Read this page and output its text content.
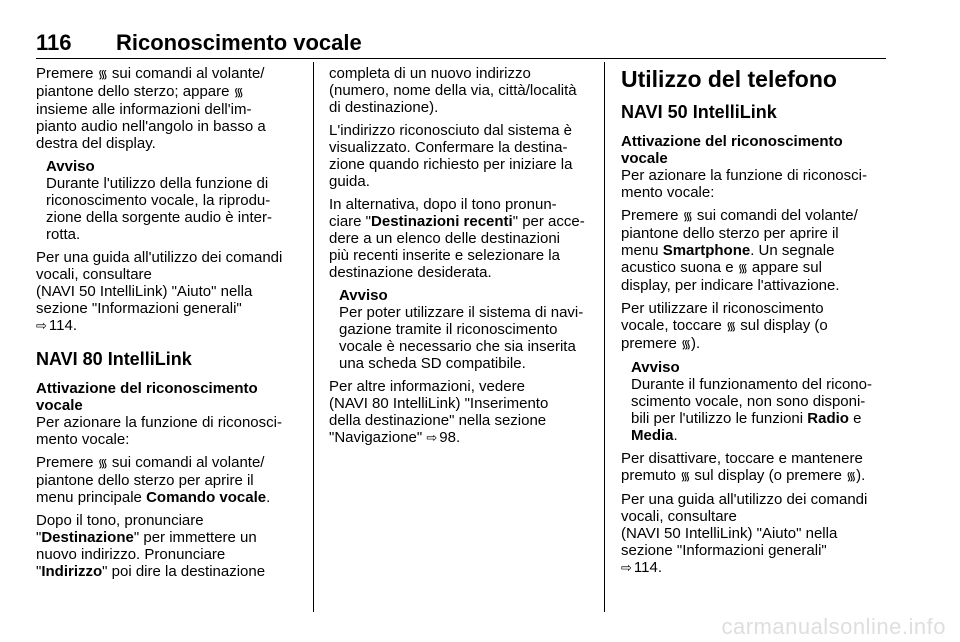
116 Riconoscimento vocale

Premere ᯾ sui comandi al volante/
piantone dello sterzo; appare ᯾
insieme alle informazioni dell'im-
pianto audio nell'angolo in basso a
destra del display.

Avviso
Durante l'utilizzo della funzione di
riconoscimento vocale, la riprodu-
zione della sorgente audio è inter-
rotta.

Per una guida all'utilizzo dei comandi
vocali, consultare
(NAVI 50 IntelliLink) "Aiuto" nella
sezione "Informazioni generali"
⇨ 114.

NAVI 80 IntelliLink

Attivazione del riconoscimento
vocale

Per azionare la funzione di riconosci-
mento vocale:

Premere ᯾ sui comandi al volante/
piantone dello sterzo per aprire il
menu principale Comando vocale.

Dopo il tono, pronunciare
"Destinazione" per immettere un
nuovo indirizzo. Pronunciare
"Indirizzo" poi dire la destinazione

completa di un nuovo indirizzo
(numero, nome della via, città/località
di destinazione).

L'indirizzo riconosciuto dal sistema è
visualizzato. Confermare la destina-
zione quando richiesto per iniziare la
guida.

In alternativa, dopo il tono pronun-
ciare "Destinazioni recenti" per acce-
dere a un elenco delle destinazioni
più recenti inserite e selezionare la
destinazione desiderata.

Avviso
Per poter utilizzare il sistema di navi-
gazione tramite il riconoscimento
vocale è necessario che sia inserita
una scheda SD compatibile.

Per altre informazioni, vedere
(NAVI 80 IntelliLink) "Inserimento
della destinazione" nella sezione
"Navigazione" ⇨ 98.

Utilizzo del telefono
NAVI 50 IntelliLink

Attivazione del riconoscimento
vocale

Per azionare la funzione di riconosci-
mento vocale:

Premere ᯾ sui comandi del volante/
piantone dello sterzo per aprire il
menu Smartphone. Un segnale
acustico suona e ᯾ appare sul
display, per indicare l'attivazione.

Per utilizzare il riconoscimento
vocale, toccare ᯾ sul display (o
premere ᯾).

Avviso
Durante il funzionamento del ricono-
scimento vocale, non sono disponi-
bili per l'utilizzo le funzioni Radio e
Media.

Per disattivare, toccare e mantenere
premuto ᯾ sul display (o premere ᯾).

Per una guida all'utilizzo dei comandi
vocali, consultare
(NAVI 50 IntelliLink) "Aiuto" nella
sezione "Informazioni generali"
⇨ 114.

carmanualsonline.info
